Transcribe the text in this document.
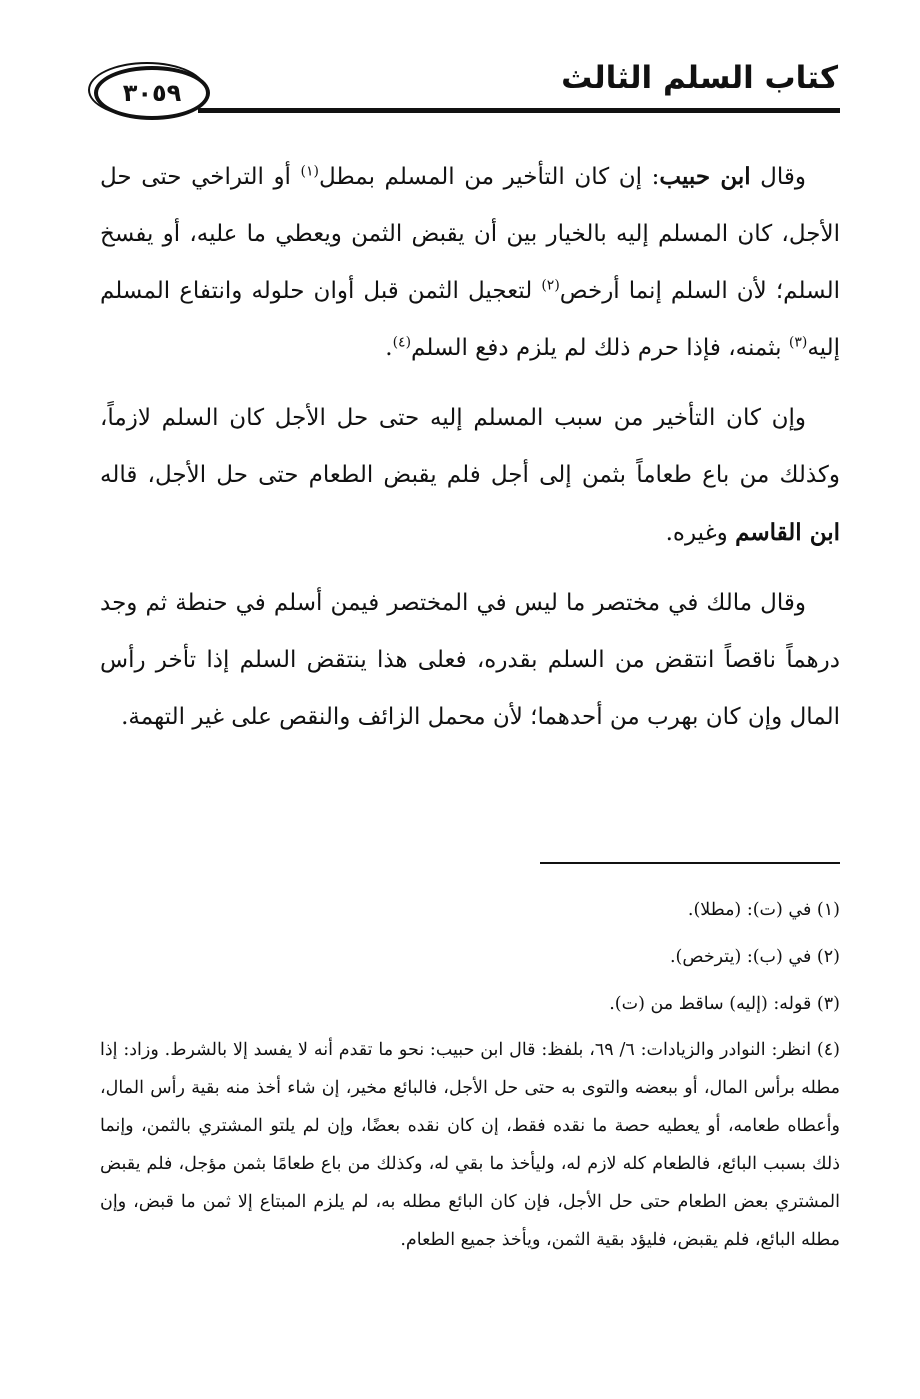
كتاب السلم الثالث
٣٠٥٩

وقال ابن حبيب: إن كان التأخير من المسلم بمطل$^{(١)}$ أو التراخي حتى حل الأجل، كان المسلم إليه بالخيار بين أن يقبض الثمن ويعطي ما عليه، أو يفسخ السلم؛ لأن السلم إنما أرخص$^{(٢)}$ لتعجيل الثمن قبل أوان حلوله وانتفاع المسلم إليه$^{(٣)}$ بثمنه، فإذا حرم ذلك لم يلزم دفع السلم$^{(٤)}$.

وإن كان التأخير من سبب المسلم إليه حتى حل الأجل كان السلم لازماً، وكذلك من باع طعاماً بثمن إلى أجل فلم يقبض الطعام حتى حل الأجل، قاله ابن القاسم وغيره.

وقال مالك في مختصر ما ليس في المختصر فيمن أسلم في حنطة ثم وجد درهماً ناقصاً انتقض من السلم بقدره، فعلى هذا ينتقض السلم إذا تأخر رأس المال وإن كان بهرب من أحدهما؛ لأن محمل الزائف والنقص على غير التهمة.

(١) في (ت): (مطلا).
(٢) في (ب): (يترخص).
(٣) قوله: (إليه) ساقط من (ت).
(٤) انظر: النوادر والزيادات: ٦/ ٦٩، بلفظ: قال ابن حبيب: نحو ما تقدم أنه لا يفسد إلا بالشرط. وزاد: إذا مطله برأس المال، أو ببعضه والتوى به حتى حل الأجل، فالبائع مخير، إن شاء أخذ منه بقية رأس المال، وأعطاه طعامه، أو يعطيه حصة ما نقده فقط، إن كان نقده بعضًا، وإن لم يلتو المشتري بالثمن، وإنما ذلك بسبب البائع، فالطعام كله لازم له، وليأخذ ما بقي له، وكذلك من باع طعامًا بثمن مؤجل، فلم يقبض المشتري بعض الطعام حتى حل الأجل، فإن كان البائع مطله به، لم يلزم المبتاع إلا ثمن ما قبض، وإن مطله البائع، فلم يقبض، فليؤد بقية الثمن، ويأخذ جميع الطعام.
